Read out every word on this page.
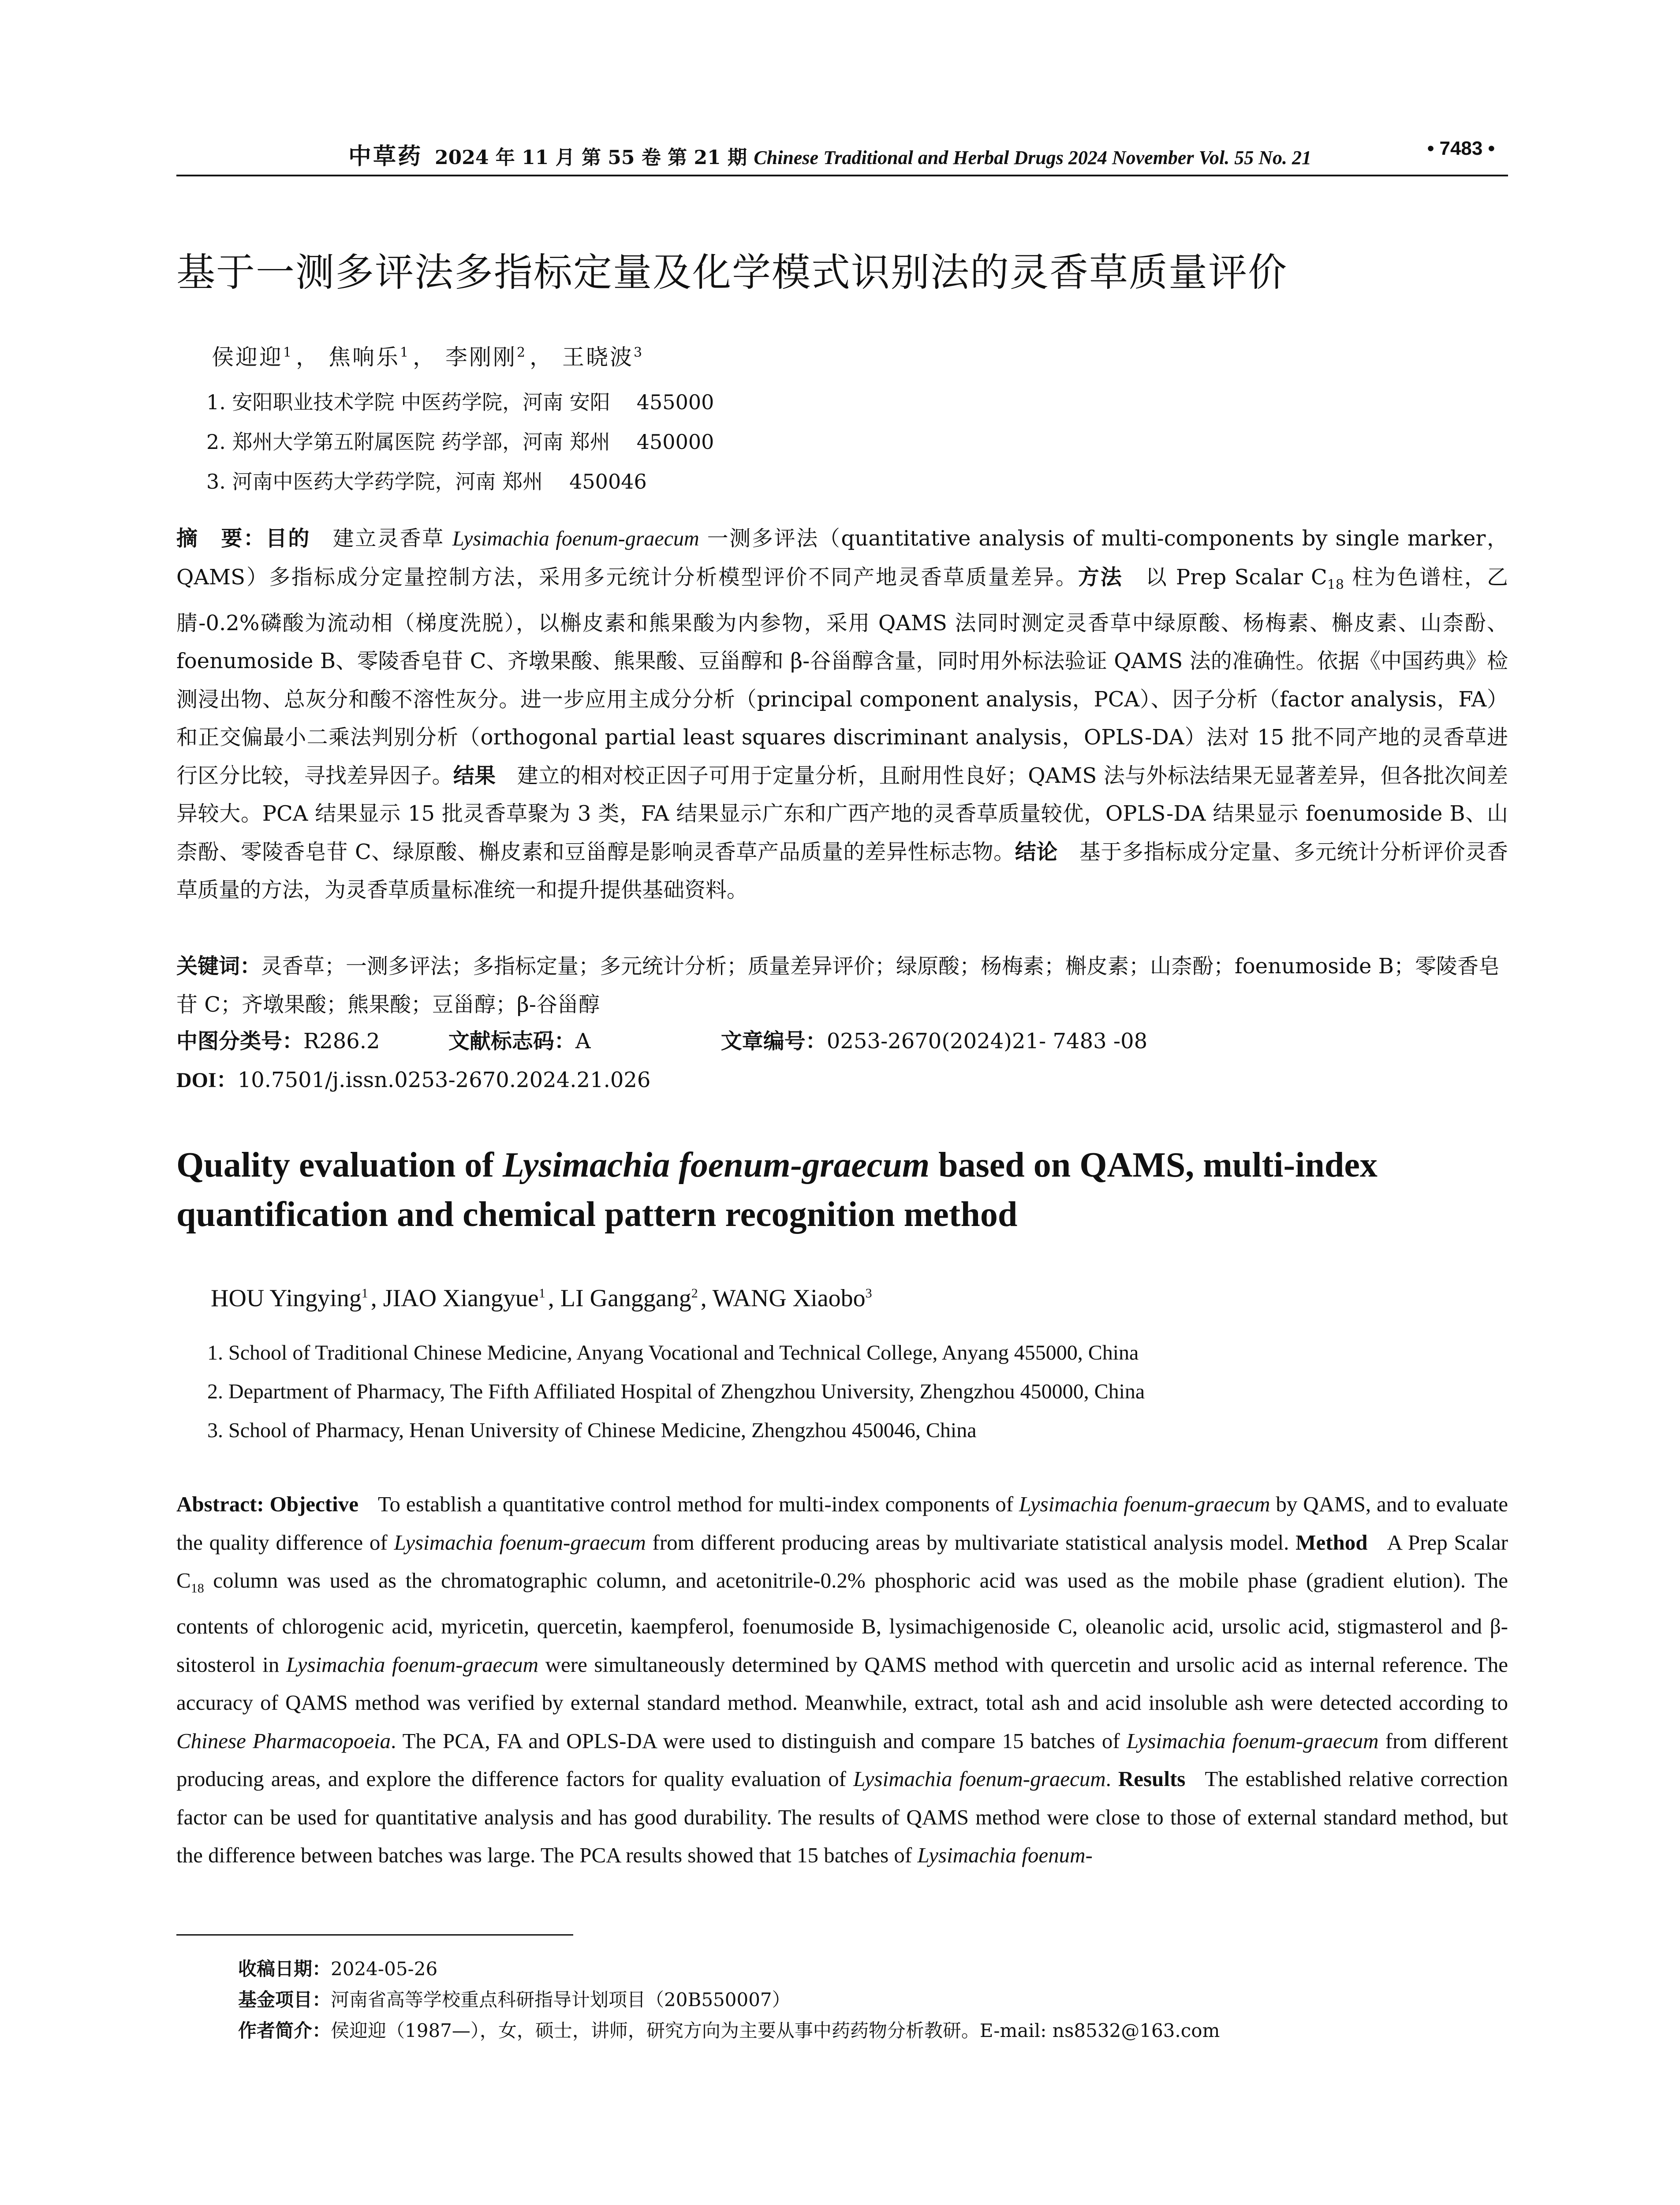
中草药 2024 年 11 月 第 55 卷 第 21 期 Chinese Traditional and Herbal Drugs 2024 November Vol. 55 No. 21	• 7483 •
基于一测多评法多指标定量及化学模式识别法的灵香草质量评价
侯迎迎$^1$ ， 焦响乐$^1$ ， 李刚刚$^2$ ， 王晓波$^3$
1. 安阳职业技术学院 中医药学院，河南 安阳 455000
2. 郑州大学第五附属医院 药学部，河南 郑州 450000
3. 河南中医药大学药学院，河南 郑州 450046
摘　要：目的  建立灵香草 Lysimachia foenum-graecum 一测多评法（quantitative analysis of multi-components by single marker，QAMS）多指标成分定量控制方法，采用多元统计分析模型评价不同产地灵香草质量差异。方法  以 Prep Scalar $C_{18}$ 柱为色谱柱，乙腈-0.2%磷酸为流动相（梯度洗脱），以槲皮素和熊果酸为内参物，采用 QAMS 法同时测定灵香草中绿原酸、杨梅素、槲皮素、山柰酚、foenumoside B、零陵香皂苷 C、齐墩果酸、熊果酸、豆甾醇和 β-谷甾醇含量，同时用外标法验证 QAMS 法的准确性。依据《中国药典》检测浸出物、总灰分和酸不溶性灰分。进一步应用主成分分析（principal component analysis，PCA）、因子分析（factor analysis，FA）和正交偏最小二乘法判别分析（orthogonal partial least squares discriminant analysis，OPLS-DA）法对 15 批不同产地的灵香草进行区分比较，寻找差异因子。结果  建立的相对校正因子可用于定量分析，且耐用性良好；QAMS 法与外标法结果无显著差异，但各批次间差异较大。PCA 结果显示 15 批灵香草聚为 3 类，FA 结果显示广东和广西产地的灵香草质量较优，OPLS-DA 结果显示 foenumoside B、山柰酚、零陵香皂苷 C、绿原酸、槲皮素和豆甾醇是影响灵香草产品质量的差异性标志物。结论  基于多指标成分定量、多元统计分析评价灵香草质量的方法，为灵香草质量标准统一和提升提供基础资料。
关键词：灵香草；一测多评法；多指标定量；多元统计分析；质量差异评价；绿原酸；杨梅素；槲皮素；山柰酚；foenumoside B；零陵香皂苷 C；齐墩果酸；熊果酸；豆甾醇；β-谷甾醇
中图分类号：R286.2	文献标志码：A	文章编号：0253-2670(2024)21- 7483 -08
DOI：10.7501/j.issn.0253-2670.2024.21.026
Quality evaluation of Lysimachia foenum-graecum based on QAMS, multi-index quantification and chemical pattern recognition method
HOU Yingying$^1$ , JIAO Xiangyue$^1$ , LI Ganggang$^2$ , WANG Xiaobo$^3$
1. School of Traditional Chinese Medicine, Anyang Vocational and Technical College, Anyang 455000, China
2. Department of Pharmacy, The Fifth Affiliated Hospital of Zhengzhou University, Zhengzhou 450000, China
3. School of Pharmacy, Henan University of Chinese Medicine, Zhengzhou 450046, China
Abstract: Objective To establish a quantitative control method for multi-index components of Lysimachia foenum-graecum by QAMS, and to evaluate the quality difference of Lysimachia foenum-graecum from different producing areas by multivariate statistical analysis model. Method A Prep Scalar $C_{18}$ column was used as the chromatographic column, and acetonitrile-0.2% phosphoric acid was used as the mobile phase (gradient elution). The contents of chlorogenic acid, myricetin, quercetin, kaempferol, foenumoside B, lysimachigenoside C, oleanolic acid, ursolic acid, stigmasterol and β-sitosterol in Lysimachia foenum-graecum were simultaneously determined by QAMS method with quercetin and ursolic acid as internal reference. The accuracy of QAMS method was verified by external standard method. Meanwhile, extract, total ash and acid insoluble ash were detected according to Chinese Pharmacopoeia. The PCA, FA and OPLS-DA were used to distinguish and compare 15 batches of Lysimachia foenum-graecum from different producing areas, and explore the difference factors for quality evaluation of Lysimachia foenum-graecum. Results The established relative correction factor can be used for quantitative analysis and has good durability. The results of QAMS method were close to those of external standard method, but the difference between batches was large. The PCA results showed that 15 batches of Lysimachia foenum-
收稿日期：2024-05-26
基金项目：河南省高等学校重点科研指导计划项目（20B550007）
作者简介：侯迎迎（1987—），女，硕士，讲师，研究方向为主要从事中药药物分析教研。E-mail: ns8532@163.com
